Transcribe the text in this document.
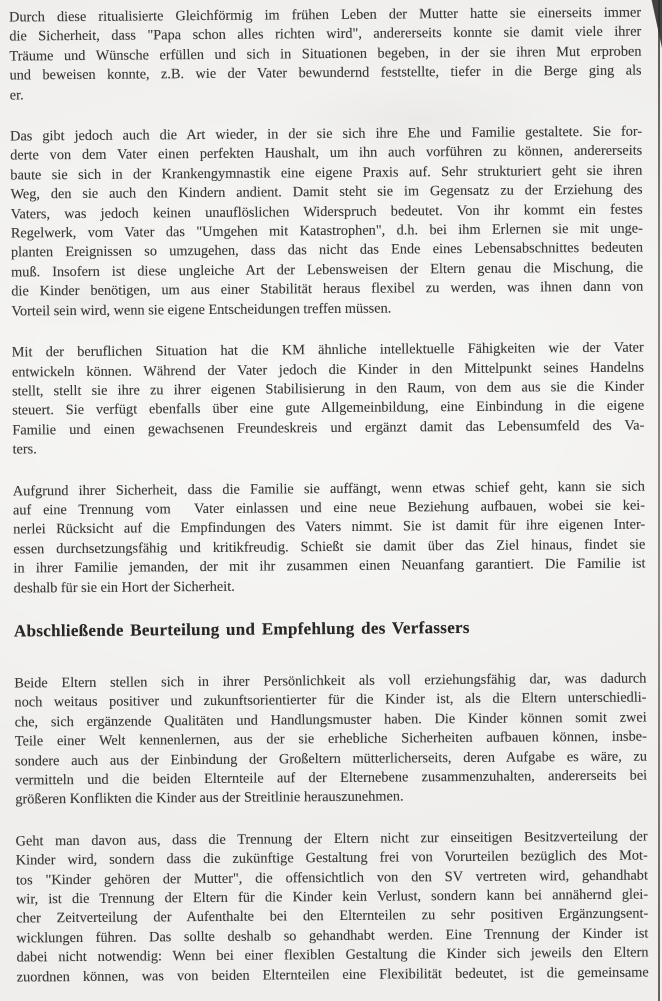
Durch diese ritualisierte Gleichförmig im frühen Leben der Mutter hatte sie einerseits immer
die Sicherheit, dass "Papa schon alles richten wird", andererseits konnte sie damit viele ihrer
Träume und Wünsche erfüllen und sich in Situationen begeben, in der sie ihren Mut erproben
und beweisen konnte, z.B. wie der Vater bewundernd feststellte, tiefer in die Berge ging als
er.

Das gibt jedoch auch die Art wieder, in der sie sich ihre Ehe und Familie gestaltete. Sie for-
derte von dem Vater einen perfekten Haushalt, um ihn auch vorführen zu können, andererseits
baute sie sich in der Krankengymnastik eine eigene Praxis auf. Sehr strukturiert geht sie ihren
Weg, den sie auch den Kindern andient. Damit steht sie im Gegensatz zu der Erziehung des
Vaters, was jedoch keinen unauflöslichen Widerspruch bedeutet. Von ihr kommt ein festes
Regelwerk, vom Vater das "Umgehen mit Katastrophen", d.h. bei ihm Erlernen sie mit unge-
planten Ereignissen so umzugehen, dass das nicht das Ende eines Lebensabschnittes bedeuten
muß. Insofern ist diese ungleiche Art der Lebensweisen der Eltern genau die Mischung, die
die Kinder benötigen, um aus einer Stabilität heraus flexibel zu werden, was ihnen dann von
Vorteil sein wird, wenn sie eigene Entscheidungen treffen müssen.

Mit der beruflichen Situation hat die KM ähnliche intellektuelle Fähigkeiten wie der Vater
entwickeln können. Während der Vater jedoch die Kinder in den Mittelpunkt seines Handelns
stellt, stellt sie ihre zu ihrer eigenen Stabilisierung in den Raum, von dem aus sie die Kinder
steuert. Sie verfügt ebenfalls über eine gute Allgemeinbildung, eine Einbindung in die eigene
Familie und einen gewachsenen Freundeskreis und ergänzt damit das Lebensumfeld des Va-
ters.

Aufgrund ihrer Sicherheit, dass die Familie sie auffängt, wenn etwas schief geht, kann sie sich
auf eine Trennung vom  Vater einlassen und eine neue Beziehung aufbauen, wobei sie kei-
nerlei Rücksicht auf die Empfindungen des Vaters nimmt. Sie ist damit für ihre eigenen Inter-
essen durchsetzungsfähig und kritikfreudig. Schießt sie damit über das Ziel hinaus, findet sie
in ihrer Familie jemanden, der mit ihr zusammen einen Neuanfang garantiert. Die Familie ist
deshalb für sie ein Hort der Sicherheit.

Abschließende Beurteilung und Empfehlung des Verfassers

Beide Eltern stellen sich in ihrer Persönlichkeit als voll erziehungsfähig dar, was dadurch
noch weitaus positiver und zukunftsorientierter für die Kinder ist, als die Eltern unterschiedli-
che, sich ergänzende Qualitäten und Handlungsmuster haben. Die Kinder können somit zwei
Teile einer Welt kennenlernen, aus der sie erhebliche Sicherheiten aufbauen können, insbe-
sondere auch aus der Einbindung der Großeltern mütterlicherseits, deren Aufgabe es wäre, zu
vermitteln und die beiden Elternteile auf der Elternebene zusammenzuhalten, andererseits bei
größeren Konflikten die Kinder aus der Streitlinie herauszunehmen.

Geht man davon aus, dass die Trennung der Eltern nicht zur einseitigen Besitzverteilung der
Kinder wird, sondern dass die zukünftige Gestaltung frei von Vorurteilen bezüglich des Mot-
tos "Kinder gehören der Mutter", die offensichtlich von den SV vertreten wird, gehandhabt
wir, ist die Trennung der Eltern für die Kinder kein Verlust, sondern kann bei annähernd glei-
cher Zeitverteilung der Aufenthalte bei den Elternteilen zu sehr positiven Ergänzungsent-
wicklungen führen. Das sollte deshalb so gehandhabt werden. Eine Trennung der Kinder ist
dabei nicht notwendig: Wenn bei einer flexiblen Gestaltung die Kinder sich jeweils den Eltern
zuordnen können, was von beiden Elternteilen eine Flexibilität bedeutet, ist die gemeinsame
